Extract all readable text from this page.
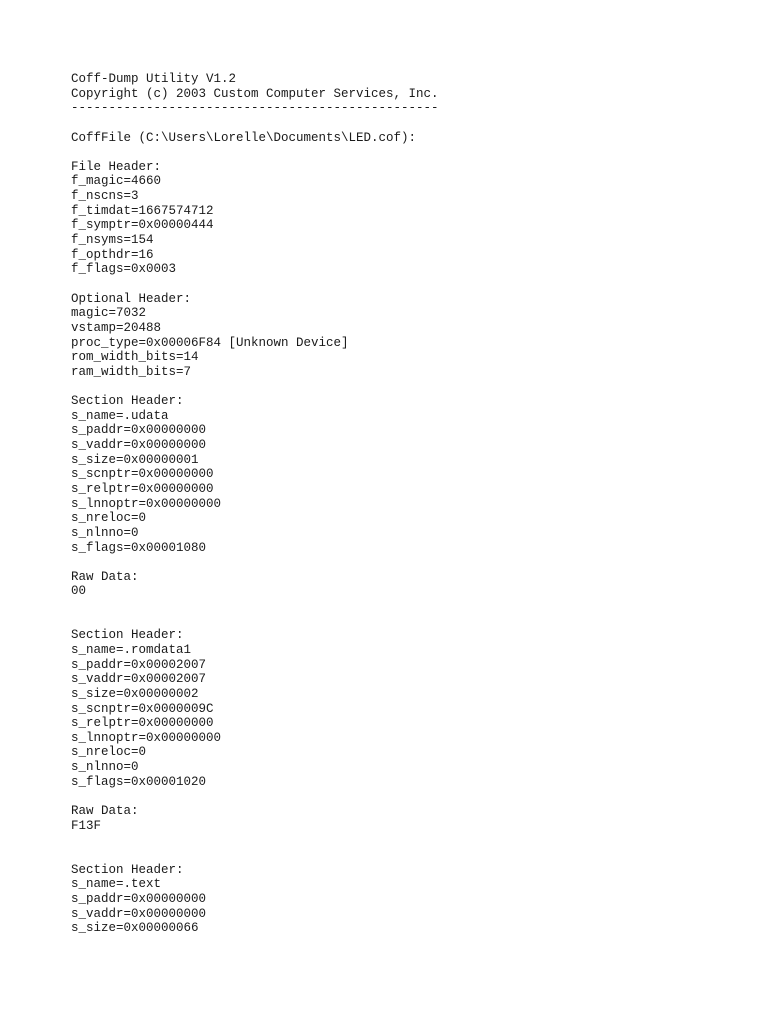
Coff-Dump Utility V1.2
Copyright (c) 2003 Custom Computer Services, Inc.
-------------------------------------------------
CoffFile (C:\Users\Lorelle\Documents\LED.cof):
File Header:
f_magic=4660
f_nscns=3
f_timdat=1667574712
f_symptr=0x00000444
f_nsyms=154
f_opthdr=16
f_flags=0x0003
Optional Header:
magic=7032
vstamp=20488
proc_type=0x00006F84 [Unknown Device]
rom_width_bits=14
ram_width_bits=7
Section Header:
s_name=.udata
s_paddr=0x00000000
s_vaddr=0x00000000
s_size=0x00000001
s_scnptr=0x00000000
s_relptr=0x00000000
s_lnnoptr=0x00000000
s_nreloc=0
s_nlnno=0
s_flags=0x00001080
Raw Data:
00
Section Header:
s_name=.romdata1
s_paddr=0x00002007
s_vaddr=0x00002007
s_size=0x00000002
s_scnptr=0x0000009C
s_relptr=0x00000000
s_lnnoptr=0x00000000
s_nreloc=0
s_nlnno=0
s_flags=0x00001020
Raw Data:
F13F
Section Header:
s_name=.text
s_paddr=0x00000000
s_vaddr=0x00000000
s_size=0x00000066
